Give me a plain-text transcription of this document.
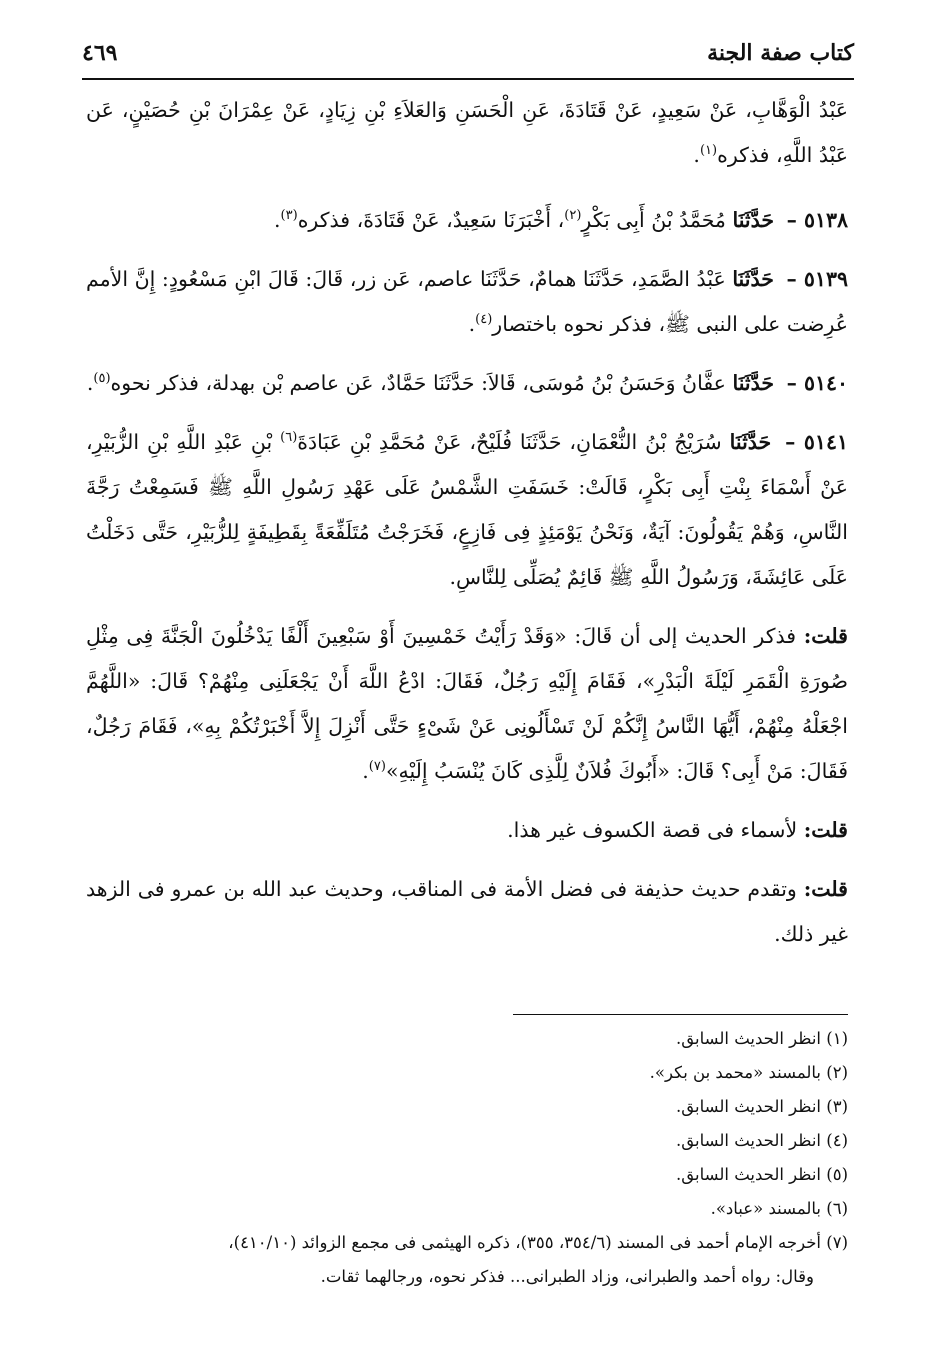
كتاب صفة الجنة
٤٦٩

عَبْدُ الْوَهَّابِ، عَنْ سَعِيدٍ، عَنْ قَتَادَةَ، عَنِ الْحَسَنِ وَالعَلاَءِ بْنِ زِيَادٍ، عَنْ عِمْرَانَ بْنِ حُصَيْنٍ، عَن عَبْدُ اللَّهِ، فذكره$^{(١)}$.

٥١٣٨ – حَدَّثَنَا مُحَمَّدُ بْنُ أَبِى بَكْرٍ$^{(٢)}$، أَخْبَرَنَا سَعِيدٌ، عَنْ قَتَادَةَ، فذكره$^{(٣)}$.

٥١٣٩ – حَدَّثَنَا عَبْدُ الصَّمَدِ، حَدَّثَنَا همامٌ، حَدَّثَنَا عاصم، عَن زر، قَالَ: قَالَ ابْنِ مَسْعُودٍ: إِنَّ الأمم عُرِضت على النبى ﷺ، فذكر نحوه باختصار$^{(٤)}$.

٥١٤٠ – حَدَّثَنَا عفَّانُ وَحَسَنُ بْنُ مُوسَى، قَالاَ: حَدَّثَنَا حَمَّادٌ، عَن عاصم بْن بهدلة، فذكر نحوه$^{(٥)}$.

٥١٤١ – حَدَّثَنَا سُرَيْجُ بْنُ النُّعْمَانِ، حَدَّثَنَا فُلَيْحٌ، عَنْ مُحَمَّدِ بْنِ عَبَادَةَ$^{(٦)}$ بْنِ عَبْدِ اللَّهِ بْنِ الزُّبَيْرِ، عَنْ أَسْمَاءَ بِنْتِ أَبِى بَكْرٍ، قَالَتْ: خَسَفَتِ الشَّمْسُ عَلَى عَهْدِ رَسُولِ اللَّهِ ﷺ فَسَمِعْتُ رَجَّةَ النَّاسِ، وَهُمْ يَقُولُونَ: آيَةٌ، وَنَحْنُ يَوْمَئِذٍ فِى فَازِعٍ، فَخَرَجْتُ مُتَلَفِّعَةً بِقَطِيفَةٍ لِلزُّبَيْرِ، حَتَّى دَخَلْتُ عَلَى عَائِشَةَ، وَرَسُولُ اللَّهِ ﷺ قَائِمٌ يُصَلِّى لِلنَّاسِ.

قلت: فذكر الحديث إلى أن قَالَ: «وَقَدْ رَأَيْتُ خَمْسِينَ أَوْ سَبْعِينَ أَلْفًا يَدْخُلُونَ الْجَنَّةَ فِى مِثْلِ صُورَةِ الْقَمَرِ لَيْلَةَ الْبَدْرِ»، فَقَامَ إِلَيْهِ رَجُلٌ، فَقَالَ: ادْعُ اللَّهَ أَنْ يَجْعَلَنِى مِنْهُمْ؟ قَالَ: «اللَّهُمَّ اجْعَلْهُ مِنْهُمْ، أَيُّهَا النَّاسُ إِنَّكُمْ لَنْ تَسْأَلُونِى عَنْ شَىْءٍ حَتَّى أَنْزِلَ إِلاَّ أَخْبَرْتُكُمْ بِهِ»، فَقَامَ رَجُلٌ، فَقَالَ: مَنْ أَبِى؟ قَالَ: «أَبُوكَ فُلاَنٌ لِلَّذِى كَانَ يُنْسَبُ إِلَيْهِ»$^{(٧)}$.

قلت: لأسماء فى قصة الكسوف غير هذا.

قلت: وتقدم حديث حذيفة فى فضل الأمة فى المناقب، وحديث عبد الله بن عمرو فى الزهد غير ذلك.

(١) انظر الحديث السابق.
(٢) بالمسند «محمد بن بكر».
(٣) انظر الحديث السابق.
(٤) انظر الحديث السابق.
(٥) انظر الحديث السابق.
(٦) بالمسند «عباد».
(٧) أخرجه الإمام أحمد فى المسند (٣٥٤/٦، ٣٥٥)، ذكره الهيثمى فى مجمع الزوائد (٤١٠/١٠)،
وقال: رواه أحمد والطبرانى، وزاد الطبرانى... فذكر نحوه، ورجالهما ثقات.
